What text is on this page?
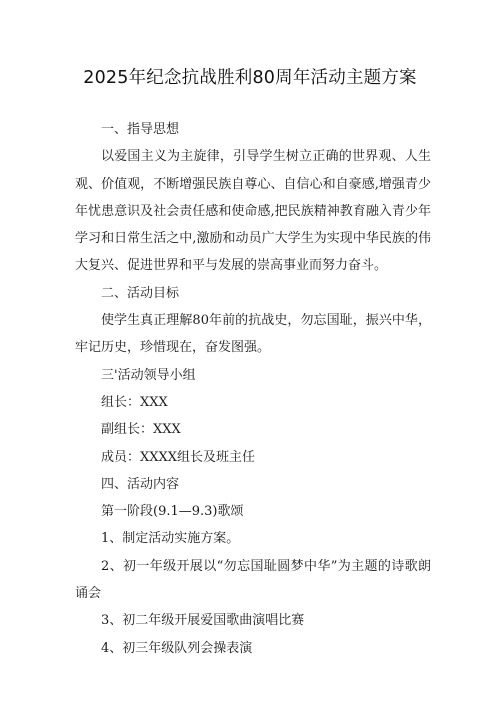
2025年纪念抗战胜利80周年活动主题方案

一、指导思想

以爱国主义为主旋律，引导学生树立正确的世界观、人生观、价值观，不断增强民族自尊心、自信心和自豪感,增强青少年忧患意识及社会责任感和使命感,把民族精神教育融入青少年学习和日常生活之中,激励和动员广大学生为实现中华民族的伟大复兴、促进世界和平与发展的崇高事业而努力奋斗。

二、活动目标

使学生真正理解80年前的抗战史，勿忘国耻，振兴中华，牢记历史，珍惜现在，奋发图强。

三'活动领导小组

组长：XXX

副组长：XXX

成员：XXXX组长及班主任

四、活动内容

第一阶段(9.1—9.3)歌颂

1、制定活动实施方案。

2、初一年级开展以“勿忘国耻圆梦中华”为主题的诗歌朗诵会

3、初二年级开展爱国歌曲演唱比赛

4、初三年级队列会操表演
